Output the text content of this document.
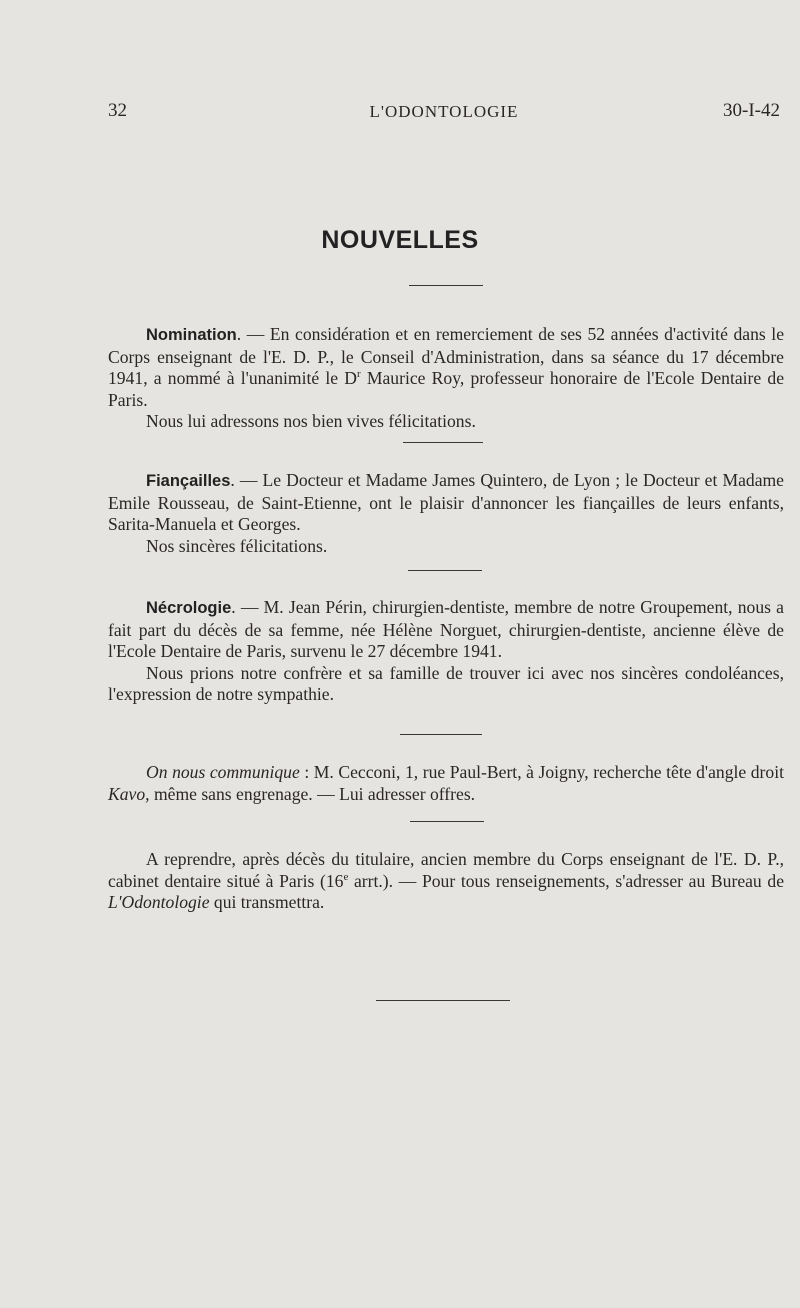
32	L'ODONTOLOGIE	30-I-42
NOUVELLES

Nomination. — En considération et en remerciement de ses 52 années d'activité dans le Corps enseignant de l'E. D. P., le Conseil d'Administration, dans sa séance du 17 décembre 1941, a nommé à l'unanimité le $D^r$ Maurice Roy, professeur honoraire de l'Ecole Dentaire de Paris.

Nous lui adressons nos bien vives félicitations.

Fiançailles. — Le Docteur et Madame James Quintero, de Lyon ; le Docteur et Madame Emile Rousseau, de Saint-Etienne, ont le plaisir d'annoncer les fiançailles de leurs enfants, Sarita-Manuela et Georges.

Nos sincères félicitations.

Nécrologie. — M. Jean Périn, chirurgien-dentiste, membre de notre Groupement, nous a fait part du décès de sa femme, née Hélène Norguet, chirurgien-dentiste, ancienne élève de l'Ecole Dentaire de Paris, survenu le 27 décembre 1941.

Nous prions notre confrère et sa famille de trouver ici avec nos sincères condoléances, l'expression de notre sympathie.

On nous communique : M. Cecconi, 1, rue Paul-Bert, à Joigny, recherche tête d'angle droit Kavo, même sans engrenage. — Lui adresser offres.

A reprendre, après décès du titulaire, ancien membre du Corps enseignant de l'E. D. P., cabinet dentaire situé à Paris (16e arrt.). — Pour tous renseignements, s'adresser au Bureau de L'Odontologie qui transmettra.
